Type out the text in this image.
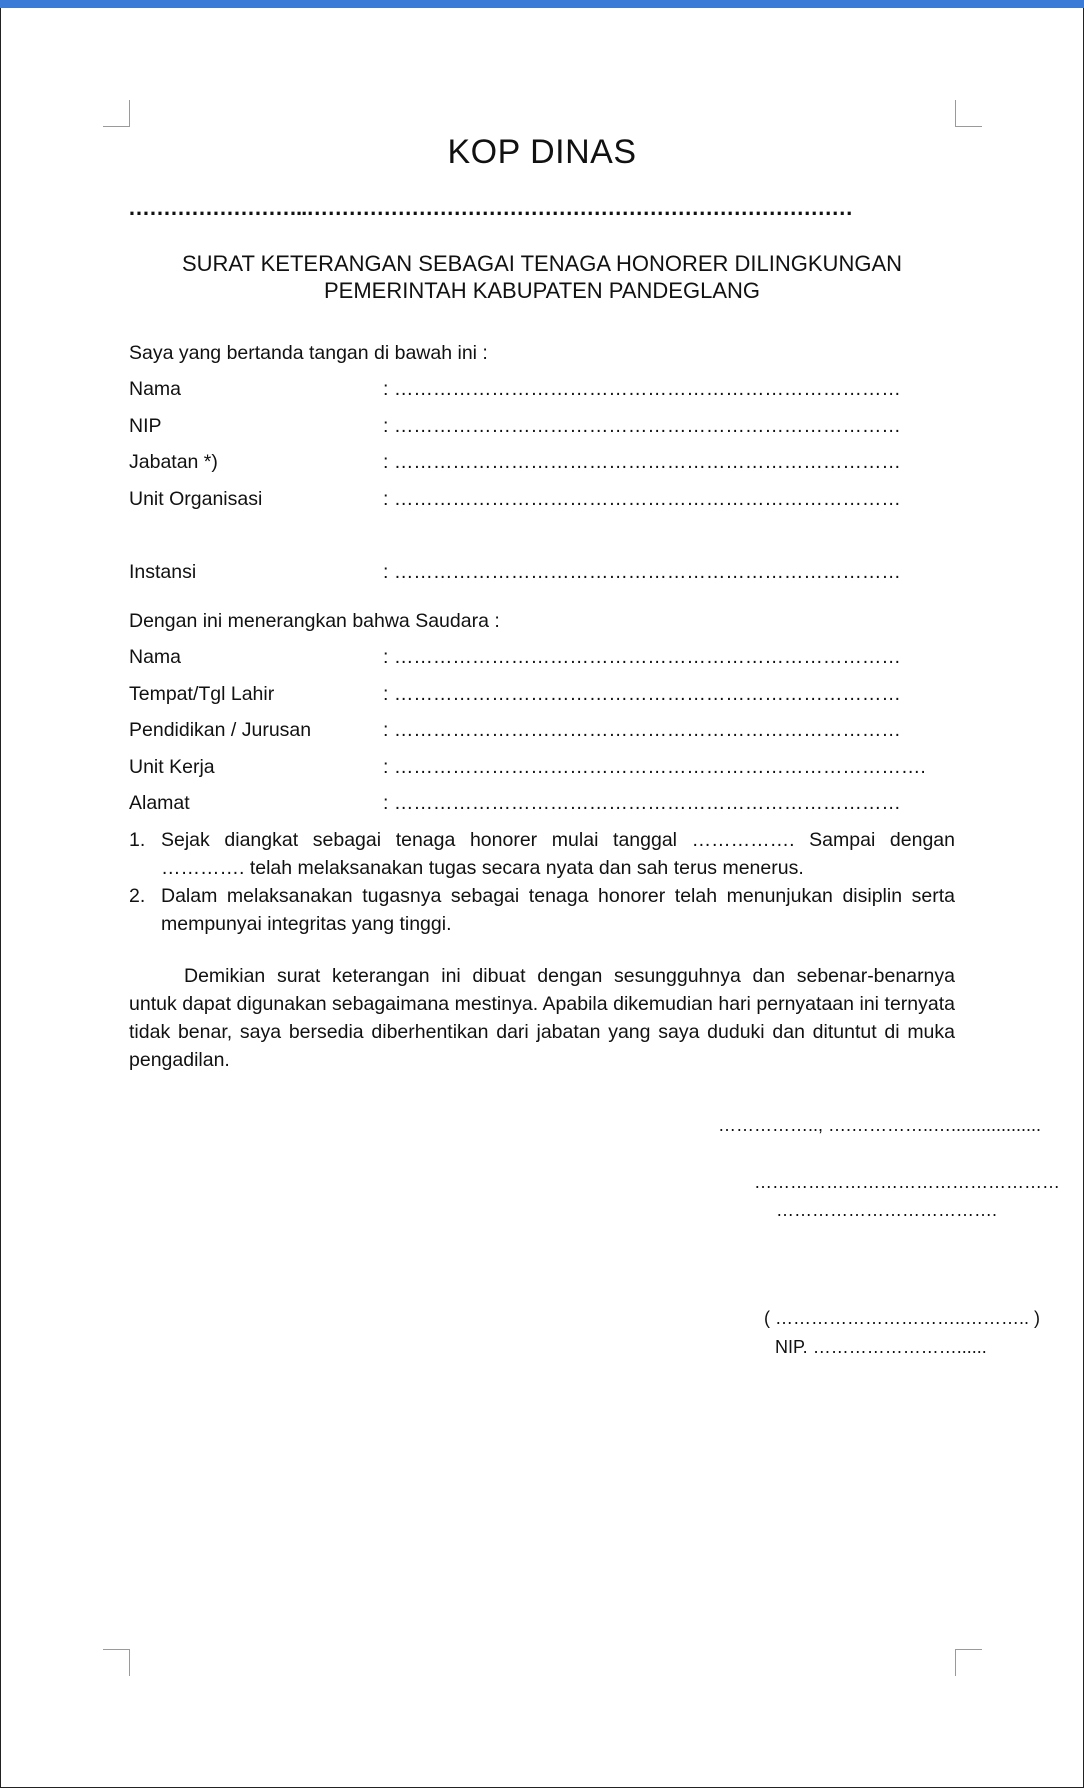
KOP DINAS
……………………..……………………………………………………………………
SURAT KETERANGAN SEBAGAI TENAGA HONORER DILINGKUNGAN
PEMERINTAH KABUPATEN PANDEGLANG
Saya yang bertanda tangan di bawah ini :
Nama	: ……………………………………………………………………
NIP	: ……………………………………………………………………
Jabatan *)	: ……………………………………………………………………
Unit Organisasi	: ……………………………………………………………………
Instansi	: ……………………………………………………………………
Dengan ini menerangkan bahwa Saudara :
Nama	: ……………………………………………………………………
Tempat/Tgl Lahir	: ……………………………………………………………………
Pendidikan / Jurusan	: ……………………………………………………………………
Unit Kerja	: ……………………………………………………………………….
Alamat	: ……………………………………………………………………
1. Sejak diangkat sebagai tenaga honorer mulai tanggal ……………. Sampai dengan …………. telah melaksanakan tugas secara nyata dan sah terus menerus.
2. Dalam melaksanakan tugasnya sebagai tenaga honorer telah menunjukan disiplin serta mempunyai integritas yang tinggi.
Demikian surat keterangan ini dibuat dengan sesungguhnya dan sebenar-benarnya untuk dapat digunakan sebagaimana mestinya. Apabila dikemudian hari pernyataan ini ternyata tidak benar, saya bersedia diberhentikan dari jabatan yang saya duduki dan dituntut di muka pengadilan.
…………….., ….…………..…..................
……………………………………………
……………………………….
( …………………………..……….. )
NIP. ……………………......
